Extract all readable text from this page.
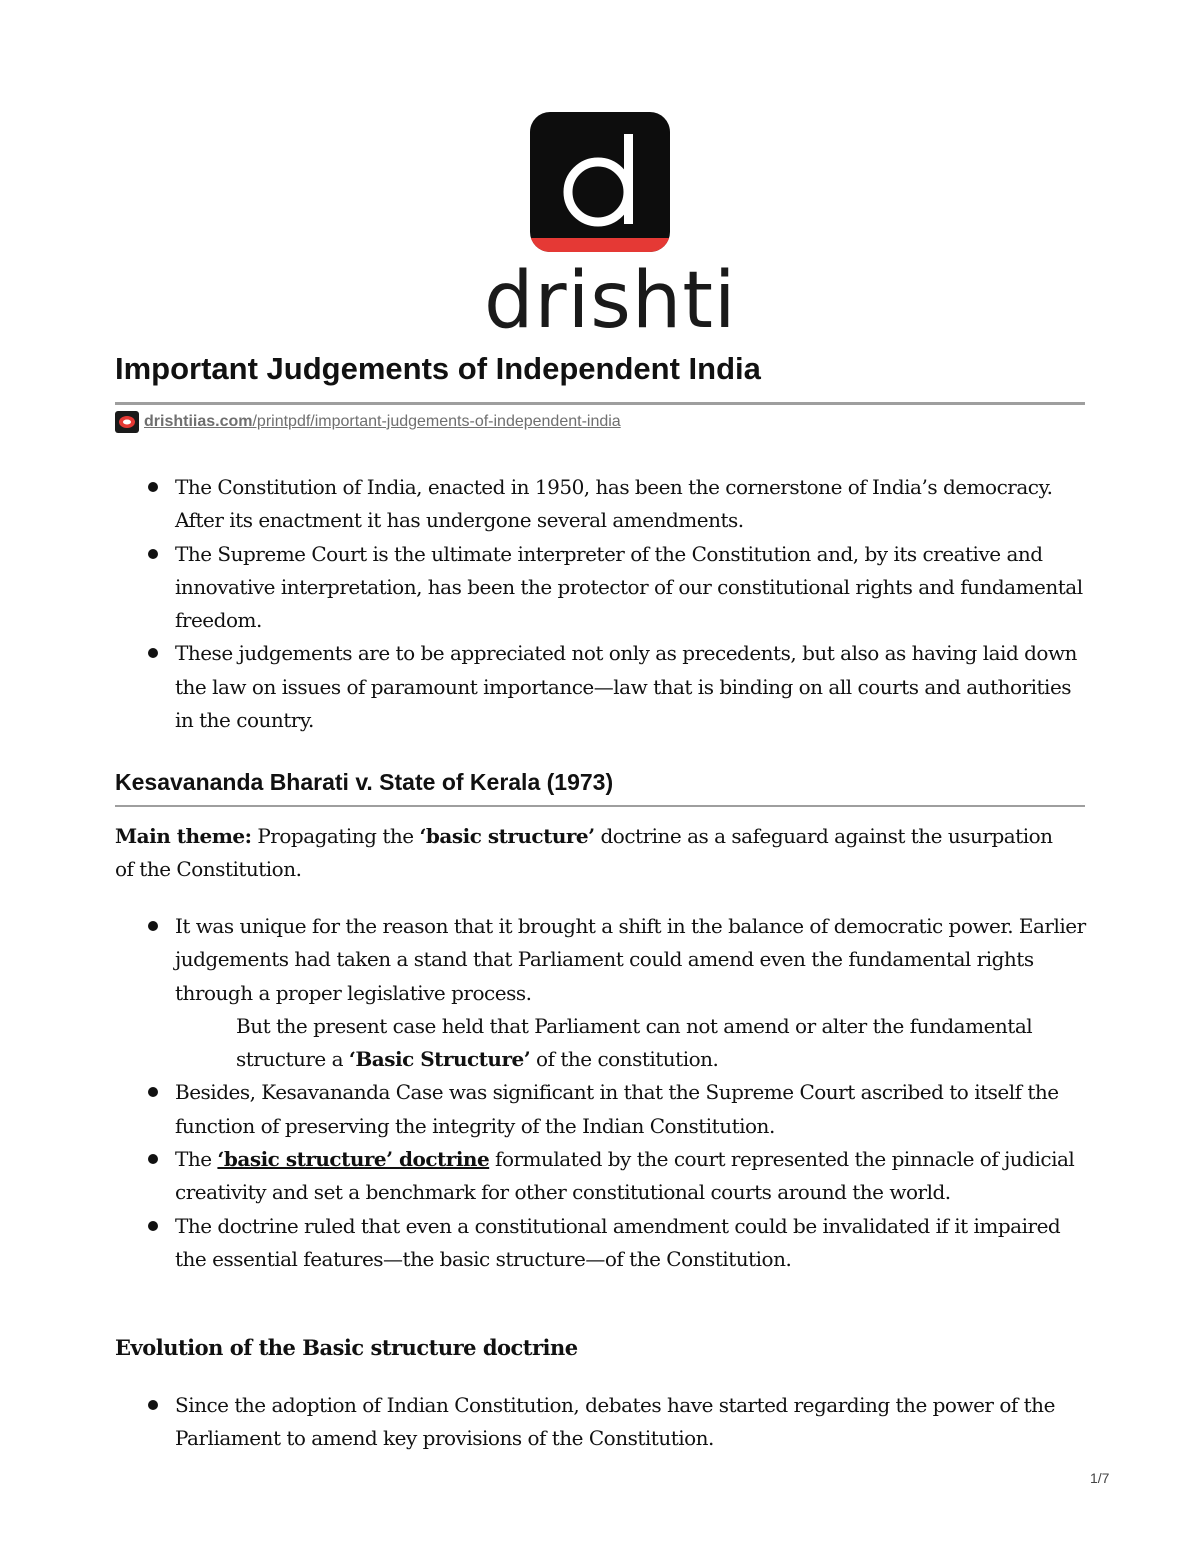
drishti
Important Judgements of Independent India
drishtiias.com/printpdf/important-judgements-of-independent-india
The Constitution of India, enacted in 1950, has been the cornerstone of India’s democracy. After its enactment it has undergone several amendments.
The Supreme Court is the ultimate interpreter of the Constitution and, by its creative and innovative interpretation, has been the protector of our constitutional rights and fundamental freedom.
These judgements are to be appreciated not only as precedents, but also as having laid down the law on issues of paramount importance—law that is binding on all courts and authorities in the country.
Kesavananda Bharati v. State of Kerala (1973)

Main theme: Propagating the ‘basic structure’ doctrine as a safeguard against the usurpation of the Constitution.

It was unique for the reason that it brought a shift in the balance of democratic power. Earlier judgements had taken a stand that Parliament could amend even the fundamental rights through a proper legislative process.
But the present case held that Parliament can not amend or alter the fundamental structure a ‘Basic Structure’ of the constitution.
Besides, Kesavananda Case was significant in that the Supreme Court ascribed to itself the function of preserving the integrity of the Indian Constitution.
The ‘basic structure’ doctrine formulated by the court represented the pinnacle of judicial creativity and set a benchmark for other constitutional courts around the world.
The doctrine ruled that even a constitutional amendment could be invalidated if it impaired the essential features—the basic structure—of the Constitution.
Evolution of the Basic structure doctrine
Since the adoption of Indian Constitution, debates have started regarding the power of the Parliament to amend key provisions of the Constitution.
1/7
